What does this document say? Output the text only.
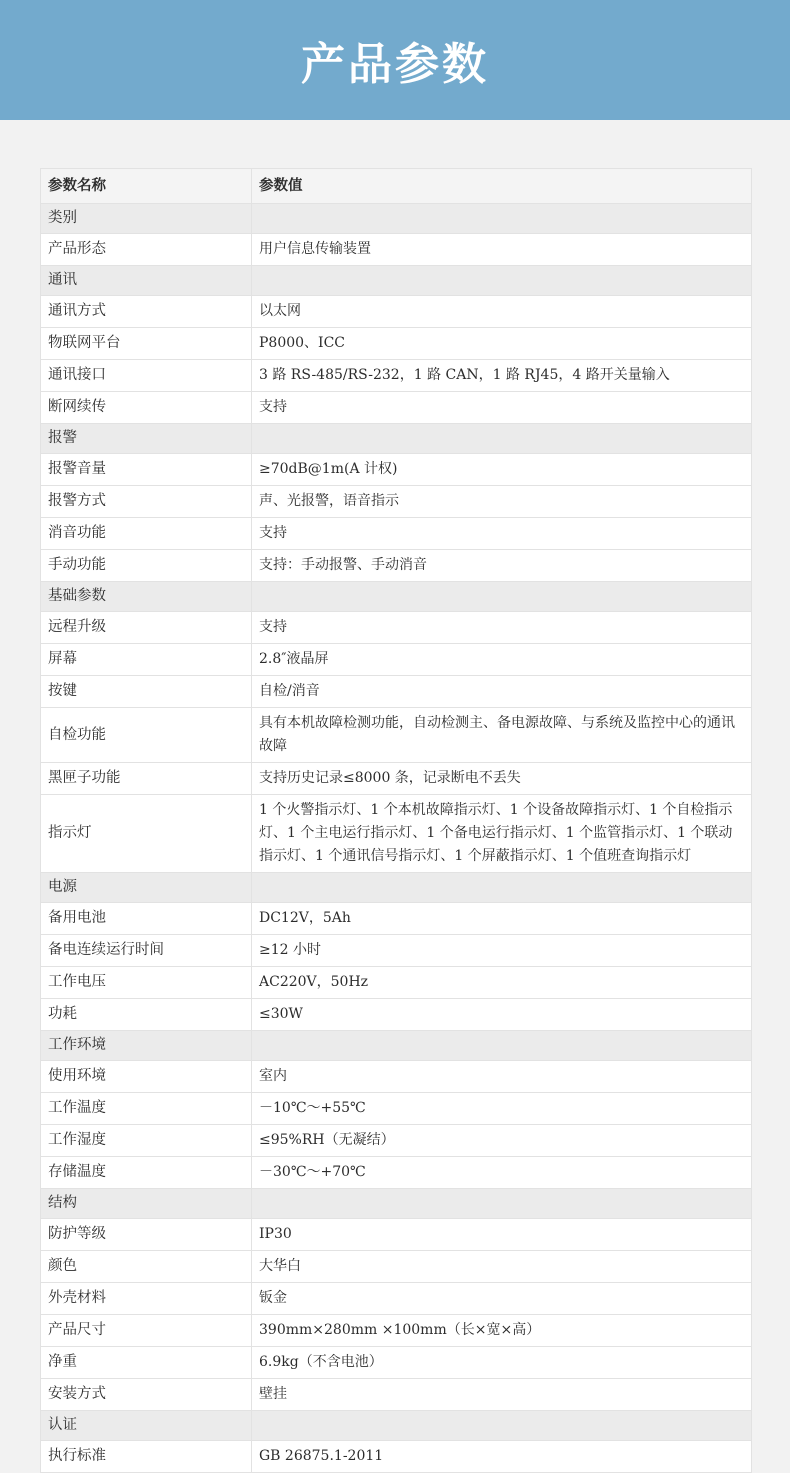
产品参数
参数名称	参数值
类别	
产品形态	用户信息传输装置
通讯	
通讯方式	以太网
物联网平台	P8000、ICC
通讯接口	3 路 RS-485/RS-232，1 路 CAN，1 路 RJ45，4 路开关量输入
断网续传	支持
报警	
报警音量	≥70dB@1m(A 计权)
报警方式	声、光报警，语音指示
消音功能	支持
手动功能	支持：手动报警、手动消音
基础参数	
远程升级	支持
屏幕	2.8″液晶屏
按键	自检/消音
自检功能	具有本机故障检测功能，自动检测主、备电源故障、与系统及监控中心的通讯故障
黑匣子功能	支持历史记录≤8000 条，记录断电不丢失
指示灯	1 个火警指示灯、1 个本机故障指示灯、1 个设备故障指示灯、1 个自检指示灯、1 个主电运行指示灯、1 个备电运行指示灯、1 个监管指示灯、1 个联动指示灯、1 个通讯信号指示灯、1 个屏蔽指示灯、1 个值班查询指示灯
电源	
备用电池	DC12V，5Ah
备电连续运行时间	≥12 小时
工作电压	AC220V，50Hz
功耗	≤30W
工作环境	
使用环境	室内
工作温度	－10℃～+55℃
工作湿度	≤95%RH（无凝结）
存储温度	－30℃～+70℃
结构	
防护等级	IP30
颜色	大华白
外壳材料	钣金
产品尺寸	390mm×280mm ×100mm（长×宽×高）
净重	6.9kg（不含电池）
安装方式	壁挂
认证	
执行标准	GB 26875.1-2011
